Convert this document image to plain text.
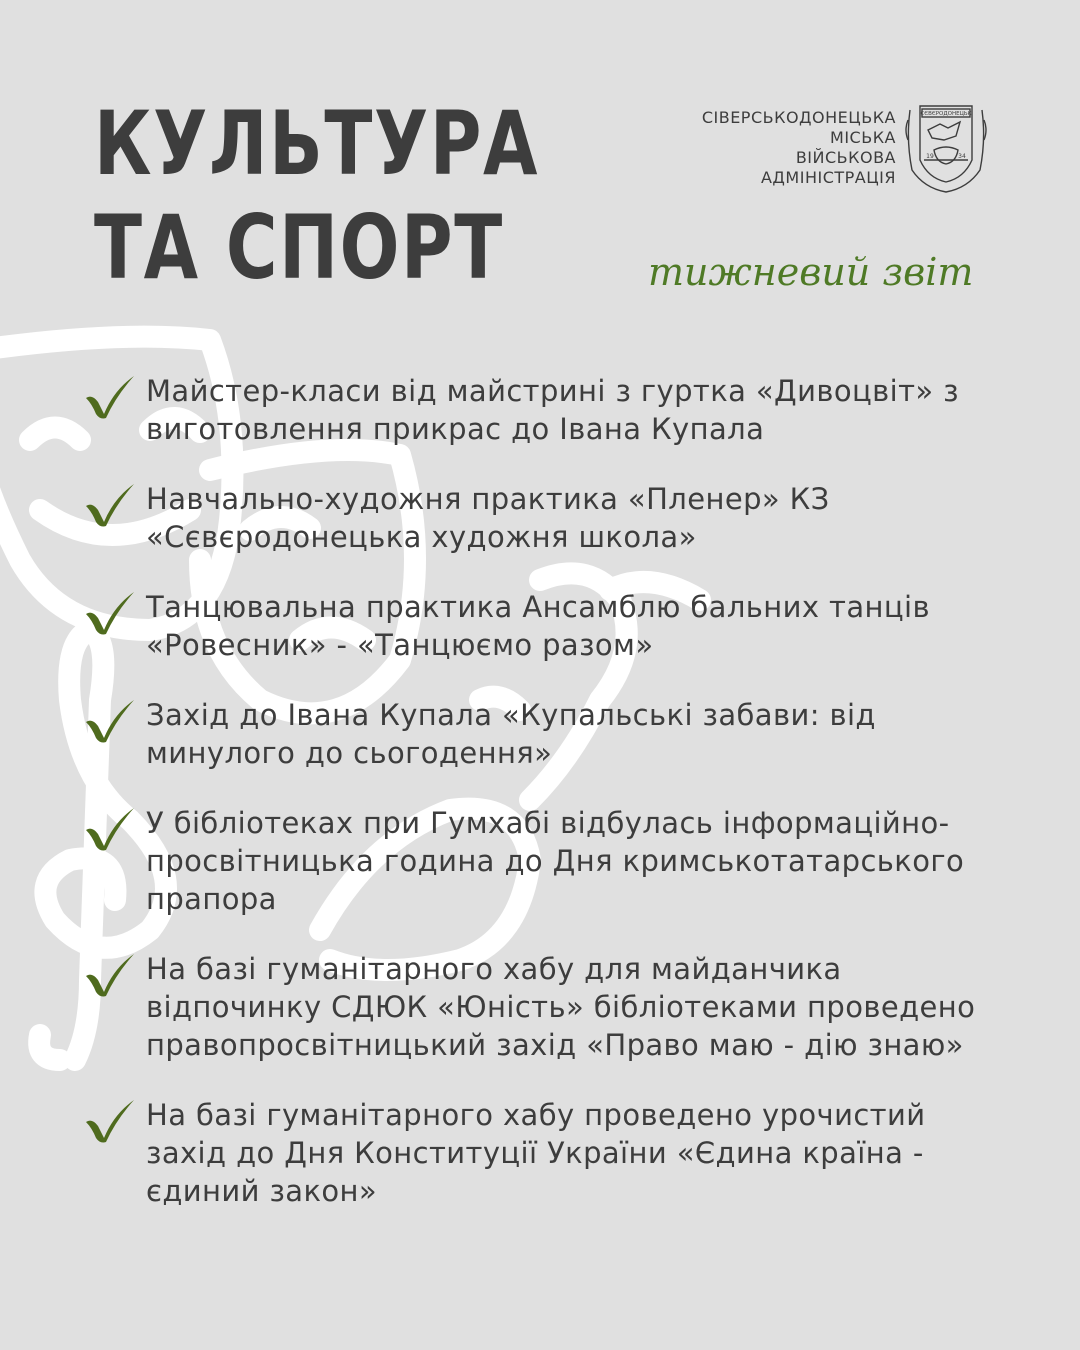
КУЛЬТУРА
ТА СПОРТ
СІВЕРСЬКОДОНЕЦЬКА
МІСЬКА
ВІЙСЬКОВА
АДМІНІСТРАЦІЯ
СЄВЄРОДОНЕЦЬК
19	34
тижневий звіт
Майстер-класи від майстрині з гуртка «Дивоцвіт» з виготовлення прикрас до Івана Купала
Навчально-художня практика «Пленер» КЗ «Сєвєродонецька художня школа»
Танцювальна практика Ансамблю бальних танців «Ровесник» - «Танцюємо разом»
Захід до Івана Купала «Купальські забави: від минулого до сьогодення»
У бібліотеках при Гумхабі відбулась інформаційно-просвітницька година до Дня кримськотатарського прапора
На базі гуманітарного хабу для майданчика відпочинку СДЮК «Юність» бібліотеками проведено правопросвітницький захід «Право маю - дію знаю»
На базі гуманітарного хабу проведено урочистий захід до Дня Конституції України «Єдина країна - єдиний закон»
